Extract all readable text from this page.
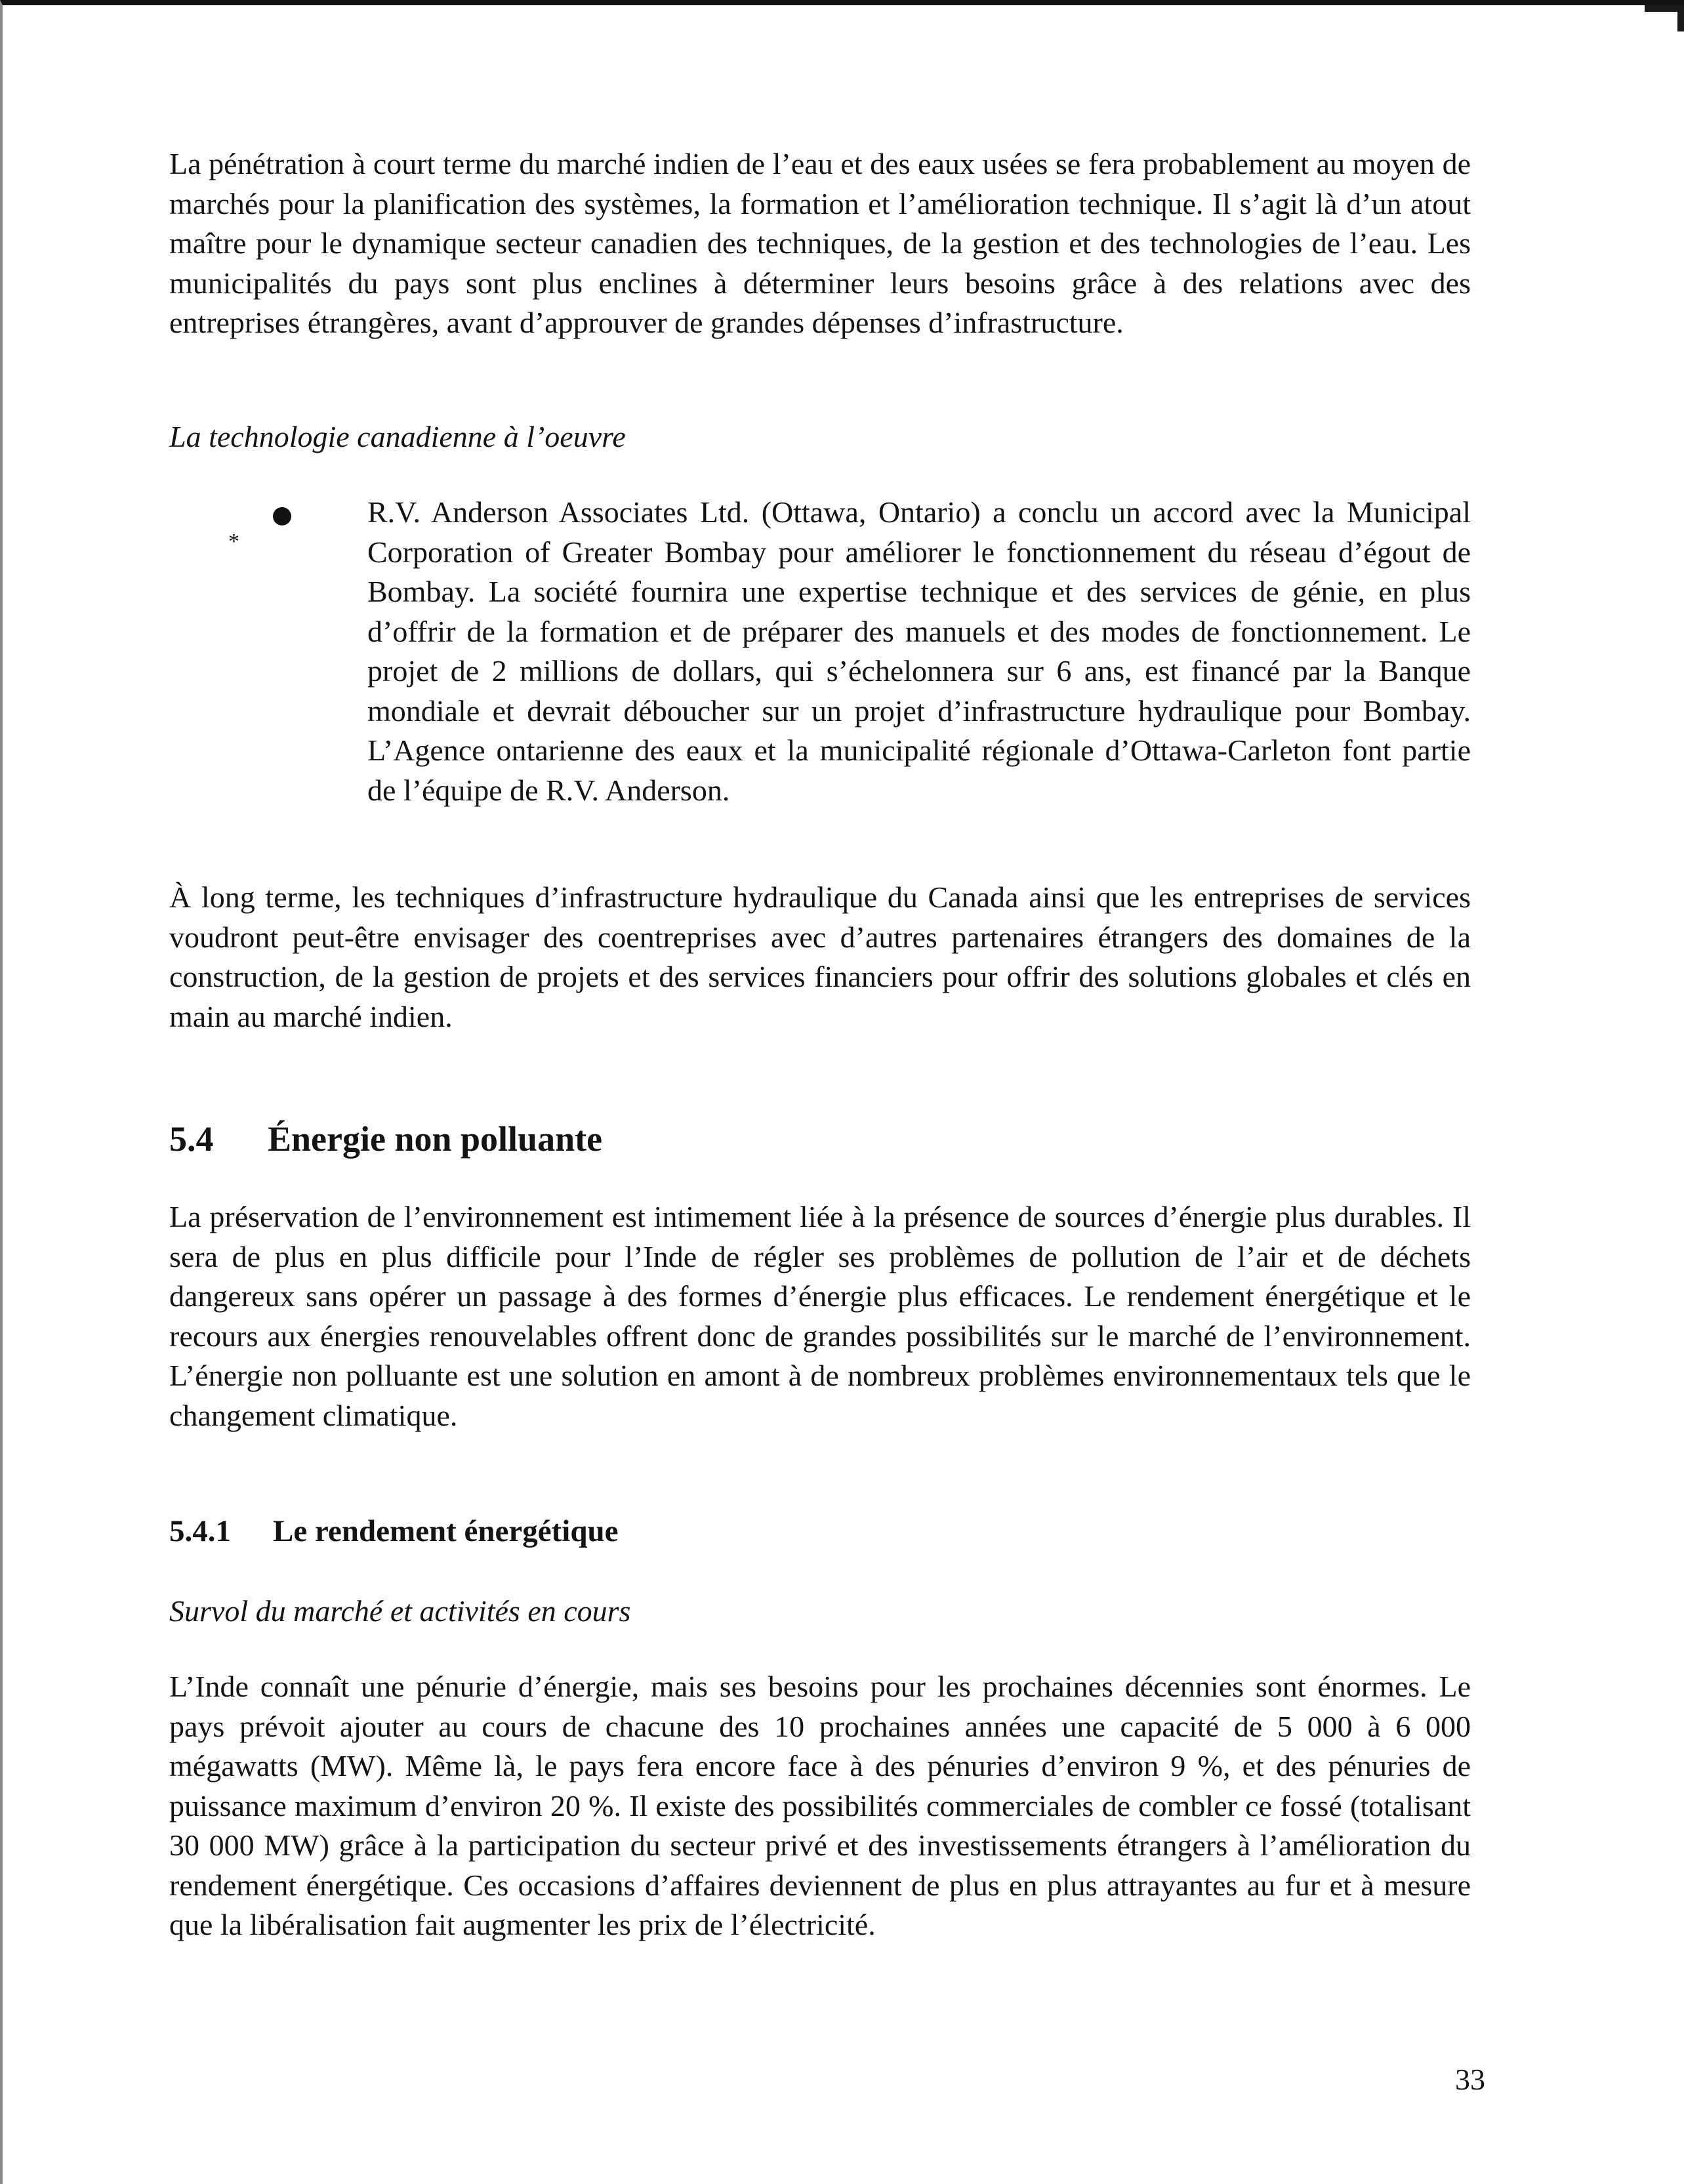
La pénétration à court terme du marché indien de l’eau et des eaux usées se fera probablement au moyen de marchés pour la planification des systèmes, la formation et l’amélioration technique. Il s’agit là d’un atout maître pour le dynamique secteur canadien des techniques, de la gestion et des technologies de l’eau. Les municipalités du pays sont plus enclines à déterminer leurs besoins grâce à des relations avec des entreprises étrangères, avant d’approuver de grandes dépenses d’infrastructure.

La technologie canadienne à l’oeuvre

*

R.V. Anderson Associates Ltd. (Ottawa, Ontario) a conclu un accord avec la Municipal Corporation of Greater Bombay pour améliorer le fonctionnement du réseau d’égout de Bombay. La société fournira une expertise technique et des services de génie, en plus d’offrir de la formation et de préparer des manuels et des modes de fonctionnement. Le projet de 2 millions de dollars, qui s’échelonnera sur 6 ans, est financé par la Banque mondiale et devrait déboucher sur un projet d’infrastructure hydraulique pour Bombay. L’Agence ontarienne des eaux et la municipalité régionale d’Ottawa-Carleton font partie de l’équipe de R.V. Anderson.

À long terme, les techniques d’infrastructure hydraulique du Canada ainsi que les entreprises de services voudront peut-être envisager des coentreprises avec d’autres partenaires étrangers des domaines de la construction, de la gestion de projets et des services financiers pour offrir des solutions globales et clés en main au marché indien.

5.4 Énergie non polluante

La préservation de l’environnement est intimement liée à la présence de sources d’énergie plus durables. Il sera de plus en plus difficile pour l’Inde de régler ses problèmes de pollution de l’air et de déchets dangereux sans opérer un passage à des formes d’énergie plus efficaces. Le rendement énergétique et le recours aux énergies renouvelables offrent donc de grandes possibilités sur le marché de l’environnement. L’énergie non polluante est une solution en amont à de nombreux problèmes environnementaux tels que le changement climatique.

5.4.1 Le rendement énergétique

Survol du marché et activités en cours

L’Inde connaît une pénurie d’énergie, mais ses besoins pour les prochaines décennies sont énormes. Le pays prévoit ajouter au cours de chacune des 10 prochaines années une capacité de 5 000 à 6 000 mégawatts (MW). Même là, le pays fera encore face à des pénuries d’environ 9 %, et des pénuries de puissance maximum d’environ 20 %. Il existe des possibilités commerciales de combler ce fossé (totalisant 30 000 MW) grâce à la participation du secteur privé et des investissements étrangers à l’amélioration du rendement énergétique. Ces occasions d’affaires deviennent de plus en plus attrayantes au fur et à mesure que la libéralisation fait augmenter les prix de l’électricité.

33
